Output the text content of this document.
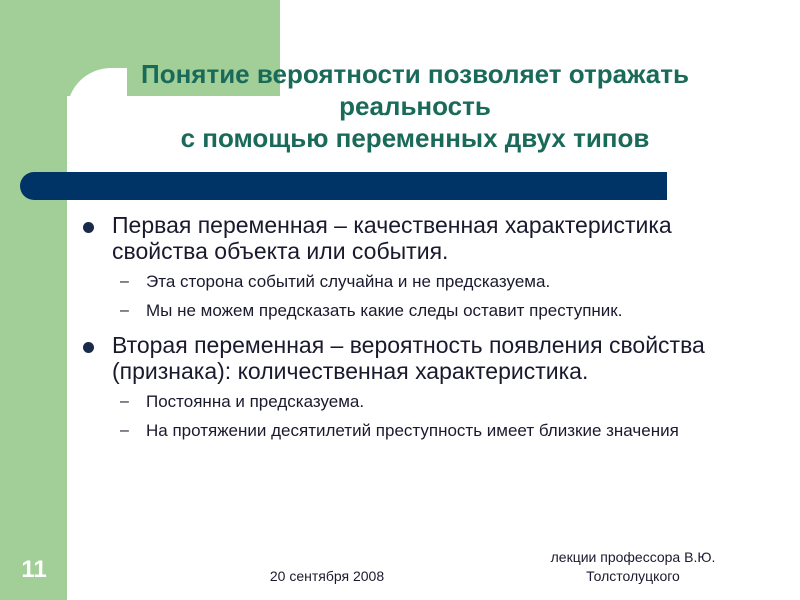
Понятие вероятности позволяет отражать
реальность
с помощью переменных двух типов
Первая переменная – качественная характеристика свойства объекта или события.
– Эта сторона событий случайна и не предсказуема.
– Мы не можем предсказать какие следы оставит преступник.
Вторая переменная – вероятность появления свойства (признака): количественная характеристика.
– Постоянна и предсказуема.
– На протяжении десятилетий преступность имеет близкие значения
11	20 сентября 2008
лекции профессора В.Ю.
Толстолуцкого
